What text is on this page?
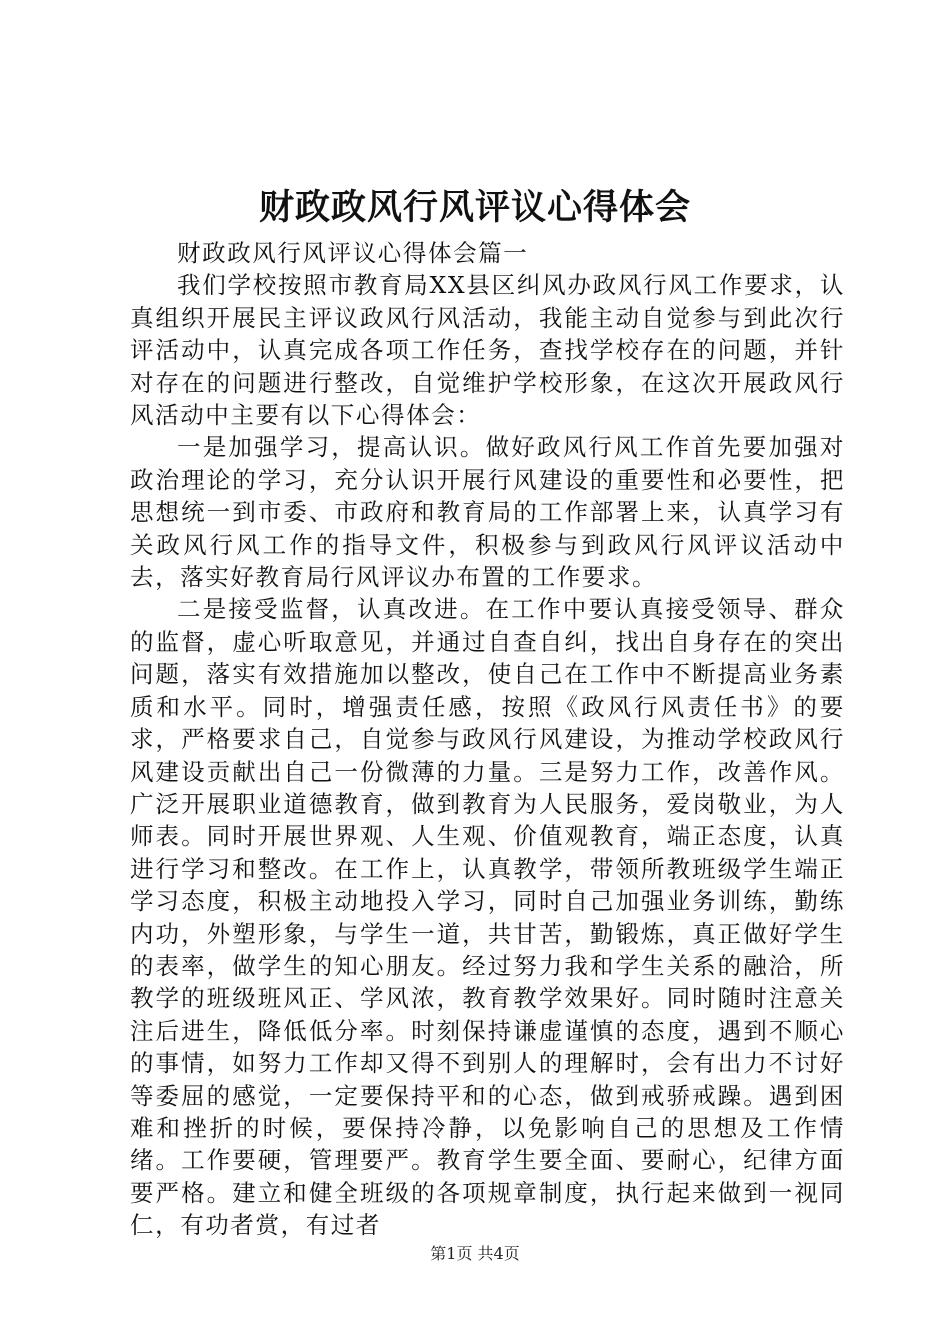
财政政风行风评议心得体会

财政政风行风评议心得体会篇一

我们学校按照市教育局XX县区纠风办政风行风工作要求，认真组织开展民主评议政风行风活动，我能主动自觉参与到此次行评活动中，认真完成各项工作任务，查找学校存在的问题，并针对存在的问题进行整改，自觉维护学校形象，在这次开展政风行风活动中主要有以下心得体会：

一是加强学习，提高认识。做好政风行风工作首先要加强对政治理论的学习，充分认识开展行风建设的重要性和必要性，把思想统一到市委、市政府和教育局的工作部署上来，认真学习有关政风行风工作的指导文件，积极参与到政风行风评议活动中去，落实好教育局行风评议办布置的工作要求。

二是接受监督，认真改进。在工作中要认真接受领导、群众的监督，虚心听取意见，并通过自查自纠，找出自身存在的突出问题，落实有效措施加以整改，使自己在工作中不断提高业务素质和水平。同时，增强责任感，按照《政风行风责任书》的要求，严格要求自己，自觉参与政风行风建设，为推动学校政风行风建设贡献出自己一份微薄的力量。三是努力工作，改善作风。广泛开展职业道德教育，做到教育为人民服务，爱岗敬业，为人师表。同时开展世界观、人生观、价值观教育，端正态度，认真进行学习和整改。在工作上，认真教学，带领所教班级学生端正学习态度，积极主动地投入学习，同时自己加强业务训练，勤练内功，外塑形象，与学生一道，共甘苦，勤锻炼，真正做好学生的表率，做学生的知心朋友。经过努力我和学生关系的融洽，所教学的班级班风正、学风浓，教育教学效果好。同时随时注意关注后进生，降低低分率。时刻保持谦虚谨慎的态度，遇到不顺心的事情，如努力工作却又得不到别人的理解时，会有出力不讨好等委屈的感觉，一定要保持平和的心态，做到戒骄戒躁。遇到困难和挫折的时候，要保持冷静，以免影响自己的思想及工作情绪。工作要硬，管理要严。教育学生要全面、要耐心，纪律方面要严格。建立和健全班级的各项规章制度，执行起来做到一视同仁，有功者赏，有过者

第1页 共4页
